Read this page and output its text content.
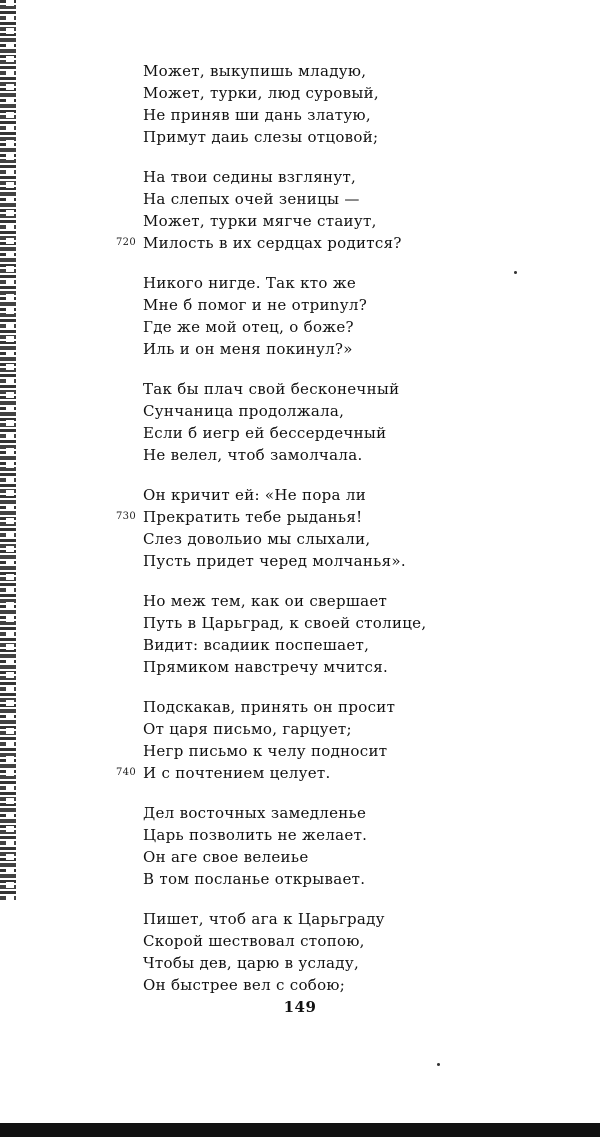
Может, выкупишь младую,
Может, турки, люд суровый,
Не приняв ши дань златую,
Примут даиь слезы отцовой;
На твои седины взглянут,
На слепых очей зеницы —
Может, турки мягче стаиут,
Милость в их сердцах родится?
720
Никого нигде. Так кто же
Мне б помог и не отриnул?
Где же мой отец, о боже?
Иль и он меня покинул?»
Так бы плач свой бесконечный
Сунчаница продолжала,
Если б иегр ей бессердечный
Не велел, чтоб замолчала.
Он кричит ей: «Не пора ли
Прекратить тебе рыданья!
730
Слез довольио мы слыхали,
Пусть придет черед молчанья».
Но меж тем, как ои свершает
Путь в Царьград, к своей столице,
Видит: всадиик поспешает,
Прямиком навстречу мчится.
Подскакав, принять он просит
От царя письмо, гарцует;
Негр письмо к челу подносит
И с почтением целует.
740
Дел восточных замедленье
Царь позволить не желает.
Он аге свое велеиье
В том посланье открывает.
Пишет, чтоб ага к Царьграду
Скорой шествовал стопою,
Чтобы дев, царю в усладу,
Он быстрее вел с собою;
149
